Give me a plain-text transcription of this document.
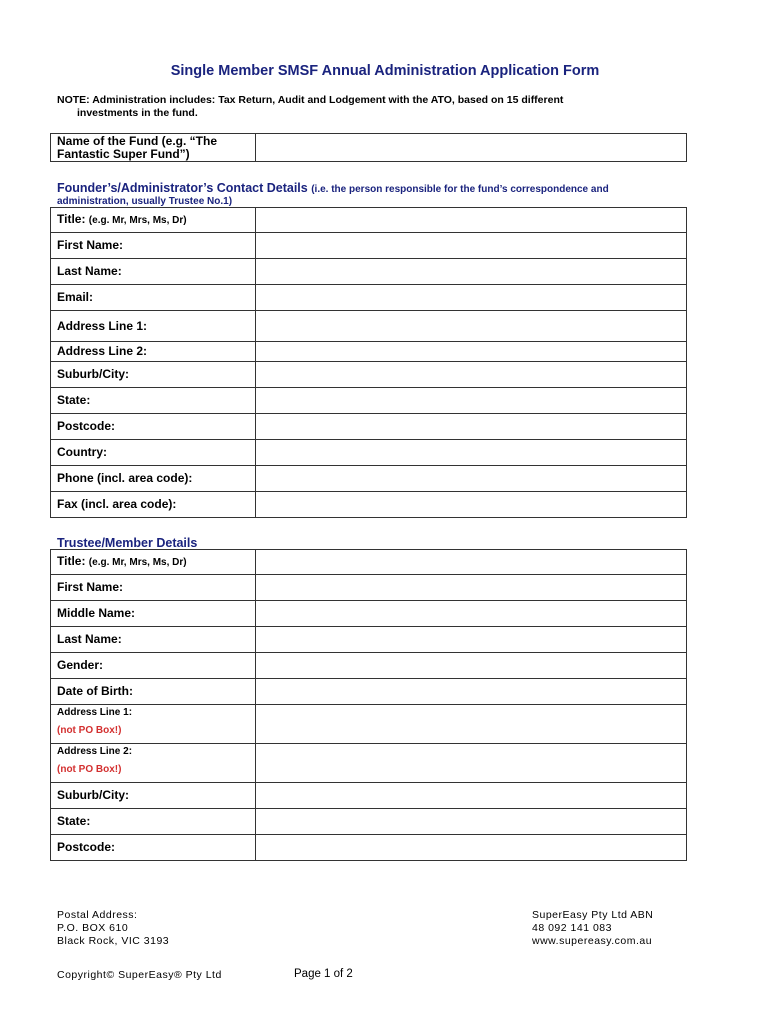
Single Member SMSF Annual Administration Application Form
NOTE: Administration includes: Tax Return, Audit and Lodgement with the ATO, based on 15 different
investments in the fund.
Name of the Fund (e.g. “The
Fantastic Super Fund”)	
Founder’s/Administrator’s Contact Details (i.e. the person responsible for the fund’s correspondence and
administration, usually Trustee No.1)
Title: (e.g. Mr, Mrs, Ms, Dr)	
First Name:	
Last Name:	
Email:	
Address Line 1:	
Address Line 2:	
Suburb/City:	
State:	
Postcode:	
Country:	
Phone (incl. area code):	
Fax (incl. area code):	
Trustee/Member Details
Title: (e.g. Mr, Mrs, Ms, Dr)	
First Name:	
Middle Name:	
Last Name:	
Gender:	
Date of Birth:	
Address Line 1:
(not PO Box!)	
Address Line 2:
(not PO Box!)	
Suburb/City:	
State:	
Postcode:	
Postal Address:
P.O. BOX 610
Black Rock, VIC 3193
SuperEasy Pty Ltd ABN
48 092 141 083
www.supereasy.com.au
Copyright© SuperEasy® Pty Ltd	Page 1 of 2
